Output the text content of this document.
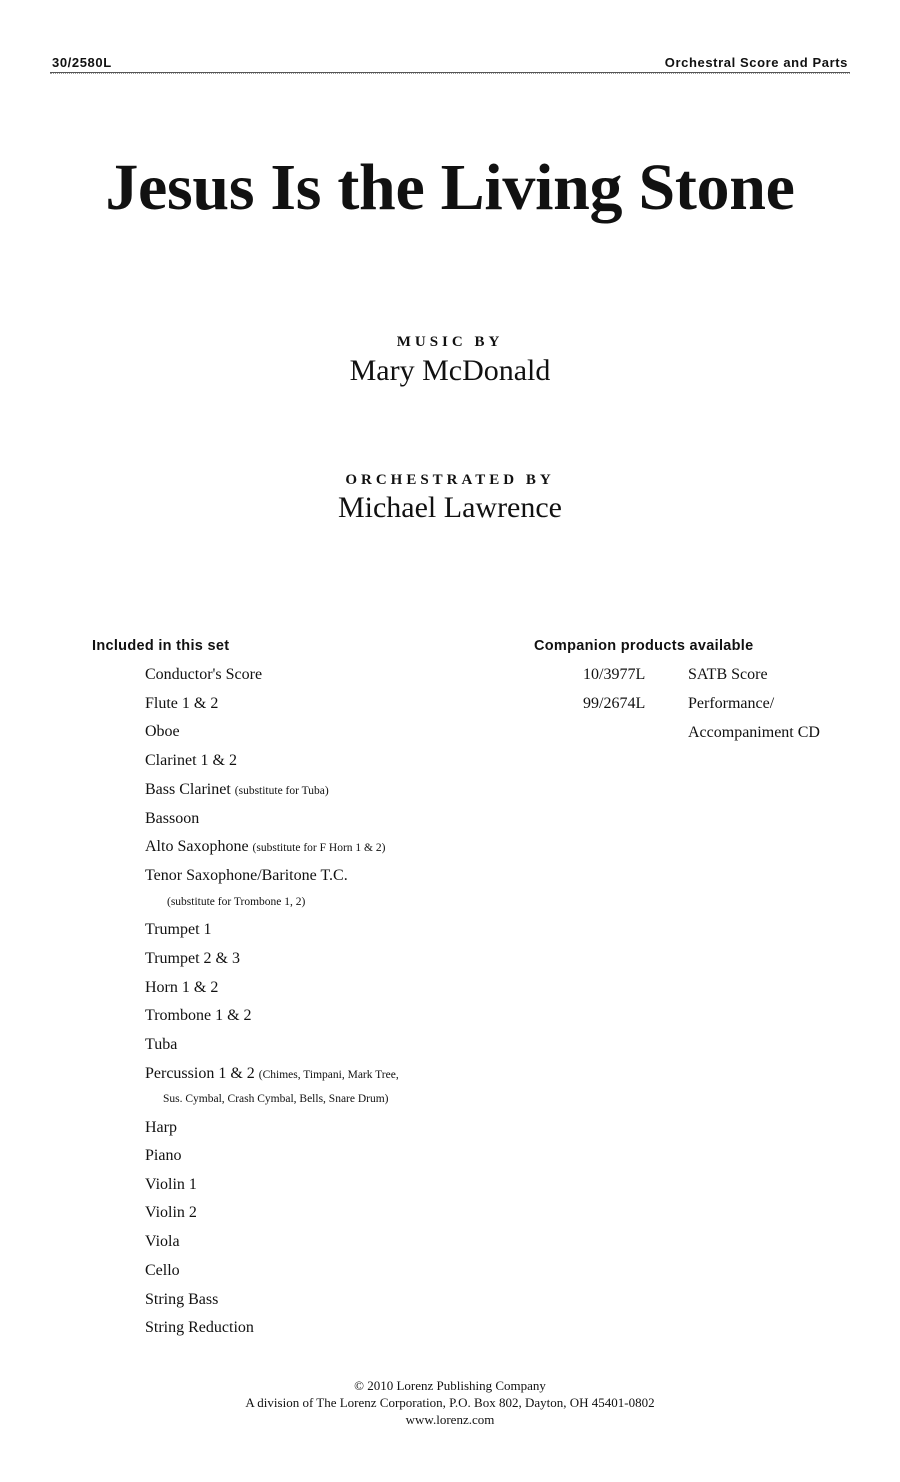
30/2580L	Orchestral Score and Parts
Jesus Is the Living Stone
MUSIC BY
Mary McDonald
ORCHESTRATED BY
Michael Lawrence
Included in this set
Conductor's Score
Flute 1 & 2
Oboe
Clarinet 1 & 2
Bass Clarinet (substitute for Tuba)
Bassoon
Alto Saxophone (substitute for F Horn 1 & 2)
Tenor Saxophone/Baritone T.C.
(substitute for Trombone 1, 2)
Trumpet 1
Trumpet 2 & 3
Horn 1 & 2
Trombone 1 & 2
Tuba
Percussion 1 & 2 (Chimes, Timpani, Mark Tree,
Sus. Cymbal, Crash Cymbal, Bells, Snare Drum)
Harp
Piano
Violin 1
Violin 2
Viola
Cello
String Bass
String Reduction
Companion products available
10/3977L	SATB Score
99/2674L	Performance/
Accompaniment CD
© 2010 Lorenz Publishing Company
A division of The Lorenz Corporation, P.O. Box 802, Dayton, OH 45401-0802
www.lorenz.com
